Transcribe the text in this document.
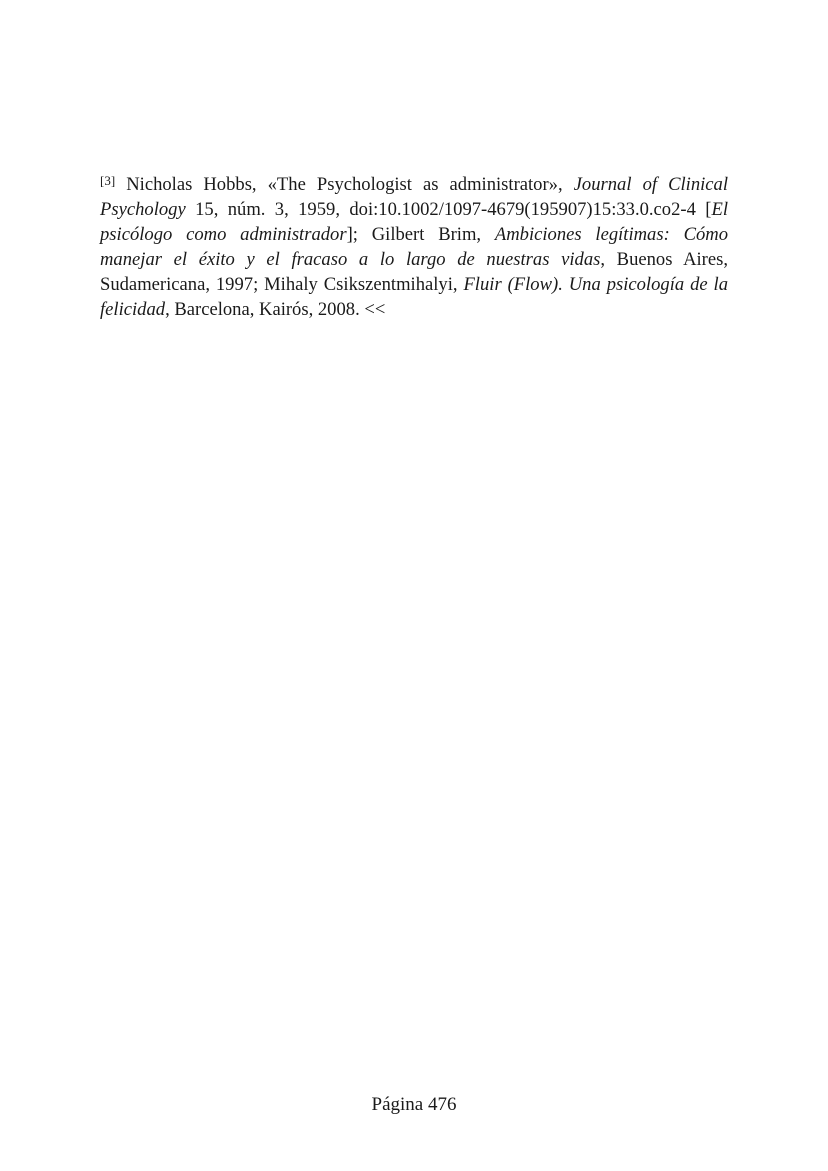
[3] Nicholas Hobbs, «The Psychologist as administrator», Journal of Clinical Psychology 15, núm. 3, 1959, doi:10.1002/1097-4679(195907)15:33.0.co2-4 [El psicólogo como administrador]; Gilbert Brim, Ambiciones legítimas: Cómo manejar el éxito y el fracaso a lo largo de nuestras vidas, Buenos Aires, Sudamericana, 1997; Mihaly Csikszentmihalyi, Fluir (Flow). Una psicología de la felicidad, Barcelona, Kairós, 2008. <<

Página 476
